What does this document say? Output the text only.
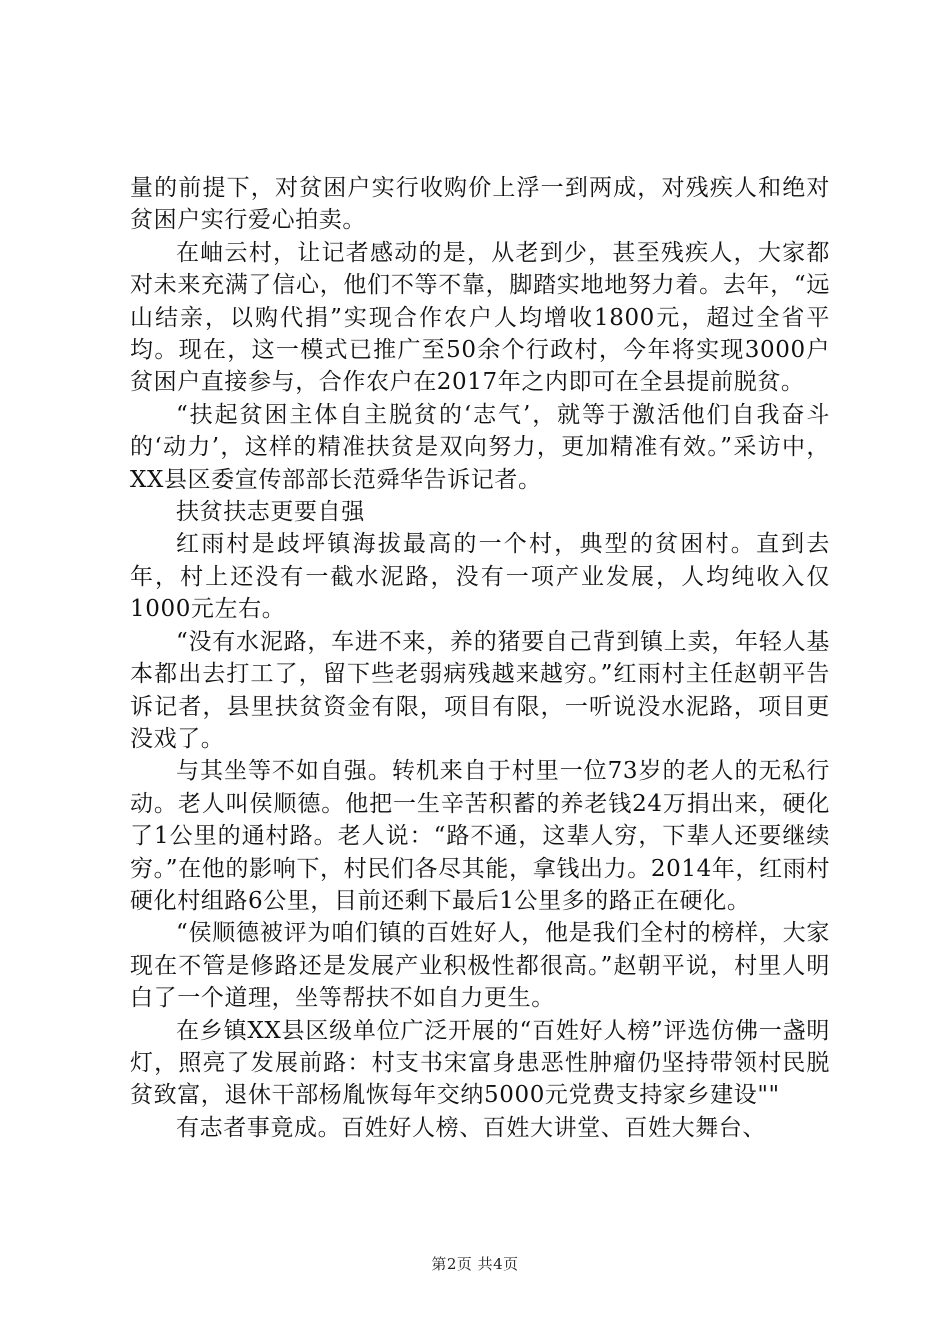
量的前提下，对贫困户实行收购价上浮一到两成，对残疾人和绝对贫困户实行爱心拍卖。

在岫云村，让记者感动的是，从老到少，甚至残疾人，大家都对未来充满了信心，他们不等不靠，脚踏实地地努力着。去年，“远山结亲，以购代捐”实现合作农户人均增收1800元，超过全省平均。现在，这一模式已推广至50余个行政村，今年将实现3000户贫困户直接参与，合作农户在2017年之内即可在全县提前脱贫。

“扶起贫困主体自主脱贫的‘志气’，就等于激活他们自我奋斗的‘动力’，这样的精准扶贫是双向努力，更加精准有效。”采访中，XX县区委宣传部部长范舜华告诉记者。

扶贫扶志更要自强

红雨村是歧坪镇海拔最高的一个村，典型的贫困村。直到去年，村上还没有一截水泥路，没有一项产业发展，人均纯收入仅1000元左右。

“没有水泥路，车进不来，养的猪要自己背到镇上卖，年轻人基本都出去打工了，留下些老弱病残越来越穷。”红雨村主任赵朝平告诉记者，县里扶贫资金有限，项目有限，一听说没水泥路，项目更没戏了。

与其坐等不如自强。转机来自于村里一位73岁的老人的无私行动。老人叫侯顺德。他把一生辛苦积蓄的养老钱24万捐出来，硬化了1公里的通村路。老人说：“路不通，这辈人穷，下辈人还要继续穷。”在他的影响下，村民们各尽其能，拿钱出力。2014年，红雨村硬化村组路6公里，目前还剩下最后1公里多的路正在硬化。

“侯顺德被评为咱们镇的百姓好人，他是我们全村的榜样，大家现在不管是修路还是发展产业积极性都很高。”赵朝平说，村里人明白了一个道理，坐等帮扶不如自力更生。

在乡镇XX县区级单位广泛开展的“百姓好人榜”评选仿佛一盏明灯，照亮了发展前路：村支书宋富身患恶性肿瘤仍坚持带领村民脱贫致富，退休干部杨胤恢每年交纳5000元党费支持家乡建设""

有志者事竟成。百姓好人榜、百姓大讲堂、百姓大舞台、

第2页 共4页
